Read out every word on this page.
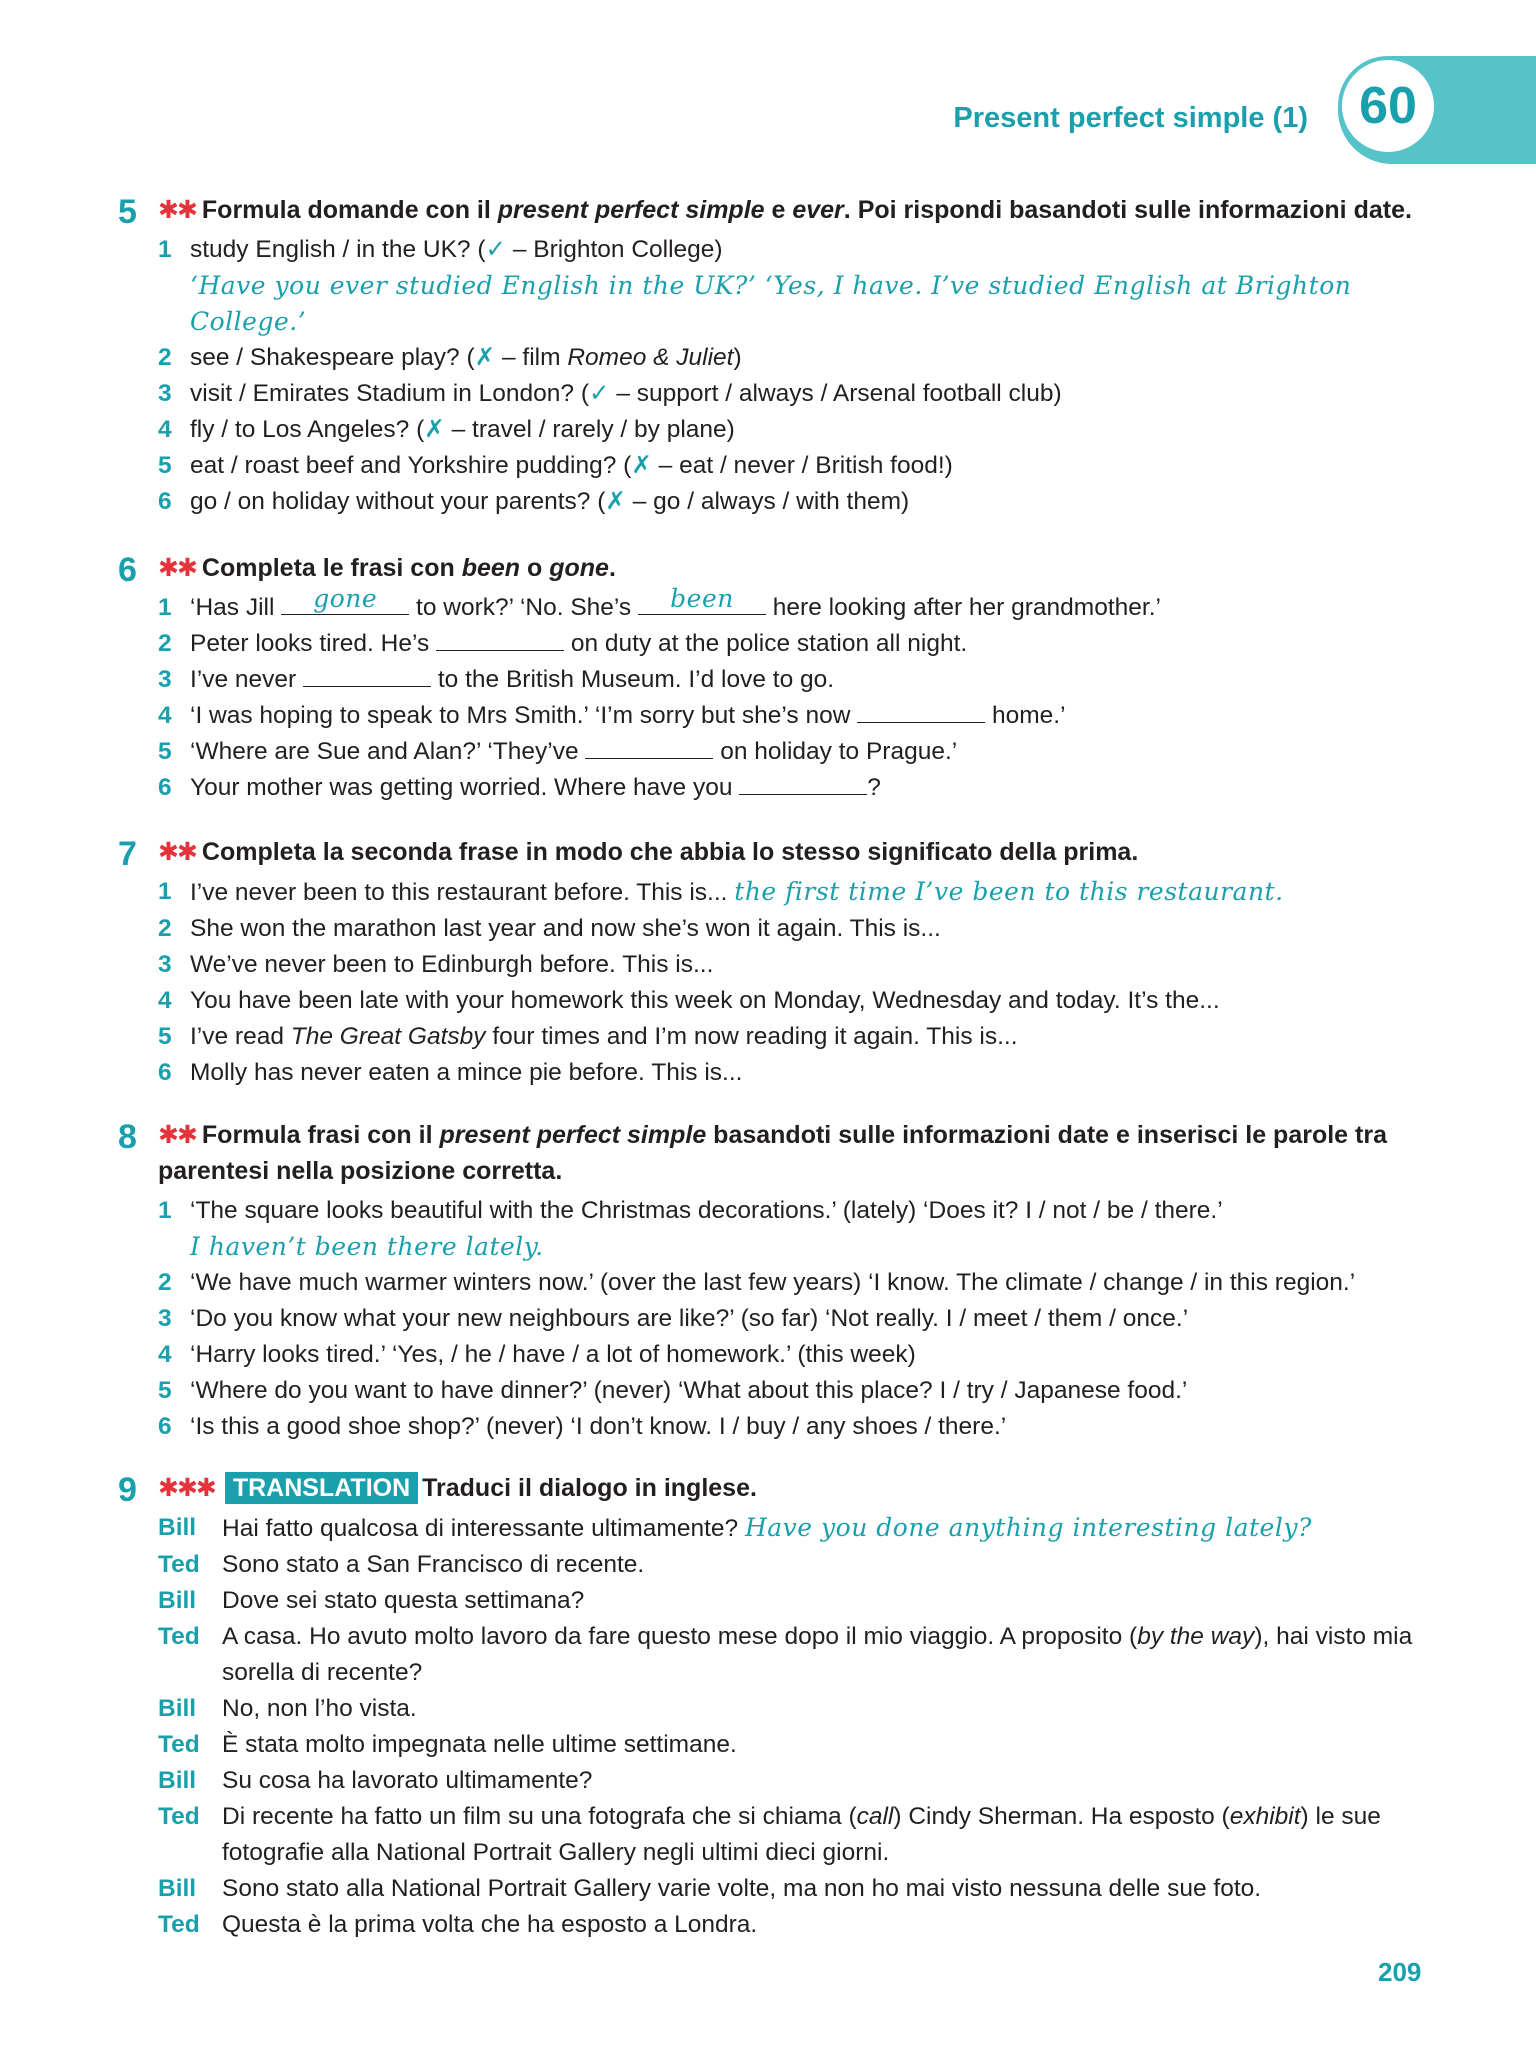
60
Present perfect simple (1)
5 ✱✱ Formula domande con il present perfect simple e ever. Poi rispondi basandoti sulle informazioni date.
1 study English / in the UK? (✓ – Brighton College)
‘Have you ever studied English in the UK?’ ‘Yes, I have. I’ve studied English at Brighton College.’
2 see / Shakespeare play? (✗ – film Romeo & Juliet)
3 visit / Emirates Stadium in London? (✓ – support / always / Arsenal football club)
4 fly / to Los Angeles? (✗ – travel / rarely / by plane)
5 eat / roast beef and Yorkshire pudding? (✗ – eat / never / British food!)
6 go / on holiday without your parents? (✗ – go / always / with them)
6 ✱✱ Completa le frasi con been o gone.
1 ‘Has Jill	gone	to work?’ ‘No. She’s	been	here looking after her grandmother.’
2 Peter looks tired. He’s	on duty at the police station all night.
3 I’ve never	to the British Museum. I’d love to go.
4 ‘I was hoping to speak to Mrs Smith.’ ‘I’m sorry but she’s now	home.’
5 ‘Where are Sue and Alan?’ ‘They’ve	on holiday to Prague.’
6 Your mother was getting worried. Where have you	?
7 ✱✱ Completa la seconda frase in modo che abbia lo stesso significato della prima.
1 I’ve never been to this restaurant before. This is... the first time I’ve been to this restaurant.
2 She won the marathon last year and now she’s won it again. This is...
3 We’ve never been to Edinburgh before. This is...
4 You have been late with your homework this week on Monday, Wednesday and today. It’s the...
5 I’ve read The Great Gatsby four times and I’m now reading it again. This is...
6 Molly has never eaten a mince pie before. This is...
8 ✱✱ Formula frasi con il present perfect simple basandoti sulle informazioni date e inserisci le parole tra parentesi nella posizione corretta.
1 ‘The square looks beautiful with the Christmas decorations.’ (lately) ‘Does it? I / not / be / there.’
I haven’t been there lately.
2 ‘We have much warmer winters now.’ (over the last few years) ‘I know. The climate / change / in this region.’
3 ‘Do you know what your new neighbours are like?’ (so far) ‘Not really. I / meet / them / once.’
4 ‘Harry looks tired.’ ‘Yes, / he / have / a lot of homework.’ (this week)
5 ‘Where do you want to have dinner?’ (never) ‘What about this place? I / try / Japanese food.’
6 ‘Is this a good shoe shop?’ (never) ‘I don’t know. I / buy / any shoes / there.’
9 ✱✱✱ TRANSLATION Traduci il dialogo in inglese.
Bill	Hai fatto qualcosa di interessante ultimamente? Have you done anything interesting lately?
Ted Sono stato a San Francisco di recente.
Bill	Dove sei stato questa settimana?
Ted A casa. Ho avuto molto lavoro da fare questo mese dopo il mio viaggio. A proposito (by the way), hai visto mia sorella di recente?
Bill	No, non l’ho vista.
Ted È stata molto impegnata nelle ultime settimane.
Bill	Su cosa ha lavorato ultimamente?
Ted Di recente ha fatto un film su una fotografa che si chiama (call) Cindy Sherman. Ha esposto (exhibit) le sue fotografie alla National Portrait Gallery negli ultimi dieci giorni.
Bill	Sono stato alla National Portrait Gallery varie volte, ma non ho mai visto nessuna delle sue foto.
Ted Questa è la prima volta che ha esposto a Londra.
209
